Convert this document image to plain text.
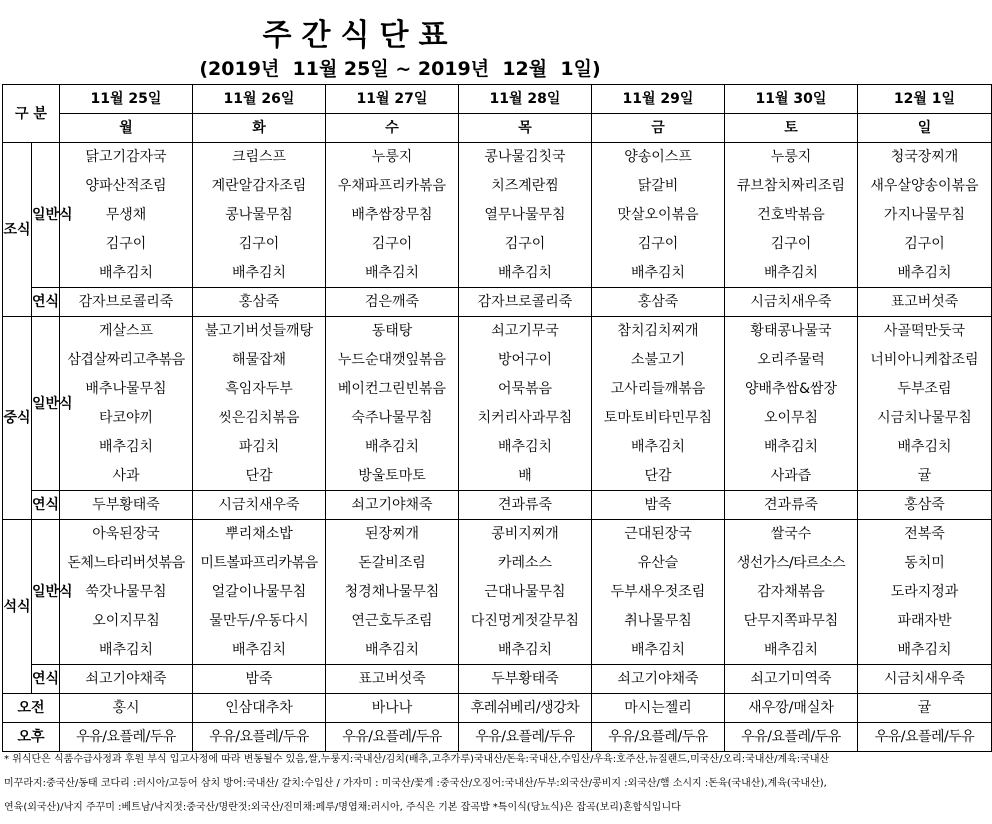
주간식단표
(2019년  11월 25일 ~ 2019년  12월  1일)
구 분		11월 25일	11월 26일	11월 27일	11월 28일	11월 29일	11월 30일	12월 1일
		월	화	수	목	금	토	일
조식	일반식	닭고기감자국	크림스프	누룽지	콩나물김칫국	양송이스프	누룽지	청국장찌개
		양파산적조림	계란알감자조림	우채파프리카볶음	치즈계란찜	닭갈비	큐브참치짜리조림	새우살양송이볶음
		무생채	콩나물무침	배추쌈장무침	열무나물무침	맛살오이볶음	건호박볶음	가지나물무침
		김구이	김구이	김구이	김구이	김구이	김구이	김구이
		배추김치	배추김치	배추김치	배추김치	배추김치	배추김치	배추김치
	연식	감자브로콜리죽	홍삼죽	검은깨죽	감자브로콜리죽	홍삼죽	시금치새우죽	표고버섯죽
중식	일반식	게살스프	불고기버섯들깨탕	동태탕	쇠고기무국	참치김치찌개	황태콩나물국	사골떡만둣국
		삼겹살짜리고추볶음	해물잡채	누드순대깻잎볶음	방어구이	소불고기	오리주물럭	너비아니케찹조림
		배추나물무침	흑임자두부	베이컨그린빈볶음	어묵볶음	고사리들깨볶음	양배추쌈&쌈장	두부조림
		타코야끼	씻은김치볶음	숙주나물무침	치커리사과무침	토마토비타민무침	오이무침	시금치나물무침
		배추김치	파김치	배추김치	배추김치	배추김치	배추김치	배추김치
		사과	단감	방울토마토	배	단감	사과즙	귤
	연식	두부황태죽	시금치새우죽	쇠고기야채죽	견과류죽	밤죽	견과류죽	홍삼죽
석식	일반식	아욱된장국	뿌리채소밥	된장찌개	콩비지찌개	근대된장국	쌀국수	전복죽
		돈체느타리버섯볶음	미트볼파프리카볶음	돈갈비조림	카레소스	유산슬	생선가스/타르소스	동치미
		쑥갓나물무침	얼갈이나물무침	청경채나물무침	근대나물무침	두부새우젓조림	감자채볶음	도라지정과
		오이지무침	물만두/우동다시	연근호두조림	다진멍게젓갈무침	취나물무침	단무지쪽파무침	파래자반
		배추김치	배추김치	배추김치	배추김치	배추김치	배추김치	배추김치
	연식	쇠고기야채죽	밤죽	표고버섯죽	두부황태죽	쇠고기야채죽	쇠고기미역죽	시금치새우죽
오전		홍시	인삼대추차	바나나	후레쉬베리/생강차	마시는젤리	새우깡/매실차	귤
오후		우유/요플레/두유	우유/요플레/두유	우유/요플레/두유	우유/요플레/두유	우유/요플레/두유	우유/요플레/두유	우유/요플레/두유
* 위식단은 식품수급사정과 후원 부식 입고사정에 따라 변동될수 있음,쌀,누룽지:국내산/김치(배추,고추가루)국내산/돈육:국내산,수입산/우육:호주산,뉴질랜드,미국산/오리:국내산/계육:국내산
미꾸라지:중국산/동태 코다리 :러시아/고등어 삼치 방어:국내산/ 갈치:수입산 / 가자미 : 미국산/꽃게 :중국산/오징어:국내산/두부:외국산/콩비지 :외국산/햄 소시지 :돈육(국내산),계육(국내산),
연육(외국산)/낙지 주꾸미 :베트남/낙지젓:중국산/명란젓:외국산/진미채:페루/명엽채:러시아, 주식은 기본 잡곡밥 *특이식(당뇨식)은 잡곡(보리)혼합식입니다
